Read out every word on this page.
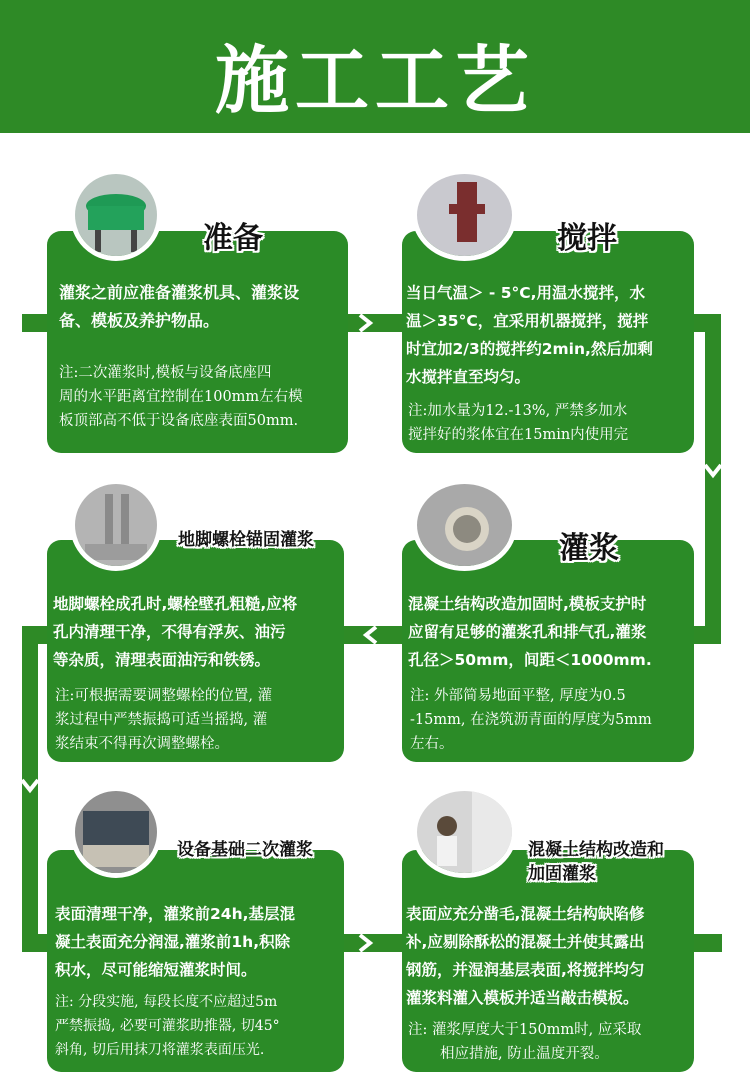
施工工艺
灌浆之前应准备灌浆机具、灌浆设
备、模板及养护物品。
注:二次灌浆时,模板与设备底座四
周的水平距离宜控制在100mm左右模
板顶部高不低于设备底座表面50mm.
准备
当日气温＞ - 5°C,用温水搅拌，水
温＞35°C，宜采用机器搅拌，搅拌
时宜加2/3的搅拌约2min,然后加剩
水搅拌直至均匀。
注:加水量为12.-13%, 严禁多加水
搅拌好的浆体宜在15min内使用完
搅拌
地脚螺栓成孔时,螺栓壁孔粗糙,应将
孔内清理干净，不得有浮灰、油污
等杂质，清理表面油污和铁锈。
注:可根据需要调整螺栓的位置, 灌
浆过程中严禁振捣可适当摇捣, 灌
浆结束不得再次调整螺栓。
地脚螺栓锚固灌浆
混凝土结构改造加固时,模板支护时
应留有足够的灌浆孔和排气孔,灌浆
孔径＞50mm，间距＜1000mm.
注: 外部简易地面平整, 厚度为0.5
-15mm, 在浇筑沥青面的厚度为5mm
左右。
灌浆
表面清理干净，灌浆前24h,基层混
凝土表面充分润湿,灌浆前1h,积除
积水，尽可能缩短灌浆时间。
注: 分段实施, 每段长度不应超过5m
严禁振捣, 必要可灌浆助推器, 切45°
斜角, 切后用抹刀将灌浆表面压光.
设备基础二次灌浆
表面应充分凿毛,混凝土结构缺陷修
补,应剔除酥松的混凝土并使其露出
钢筋，并湿润基层表面,将搅拌均匀
灌浆料灌入模板并适当敲击模板。
注: 灌浆厚度大于150mm时, 应采取
相应措施, 防止温度开裂。
混凝土结构改造和
加固灌浆
